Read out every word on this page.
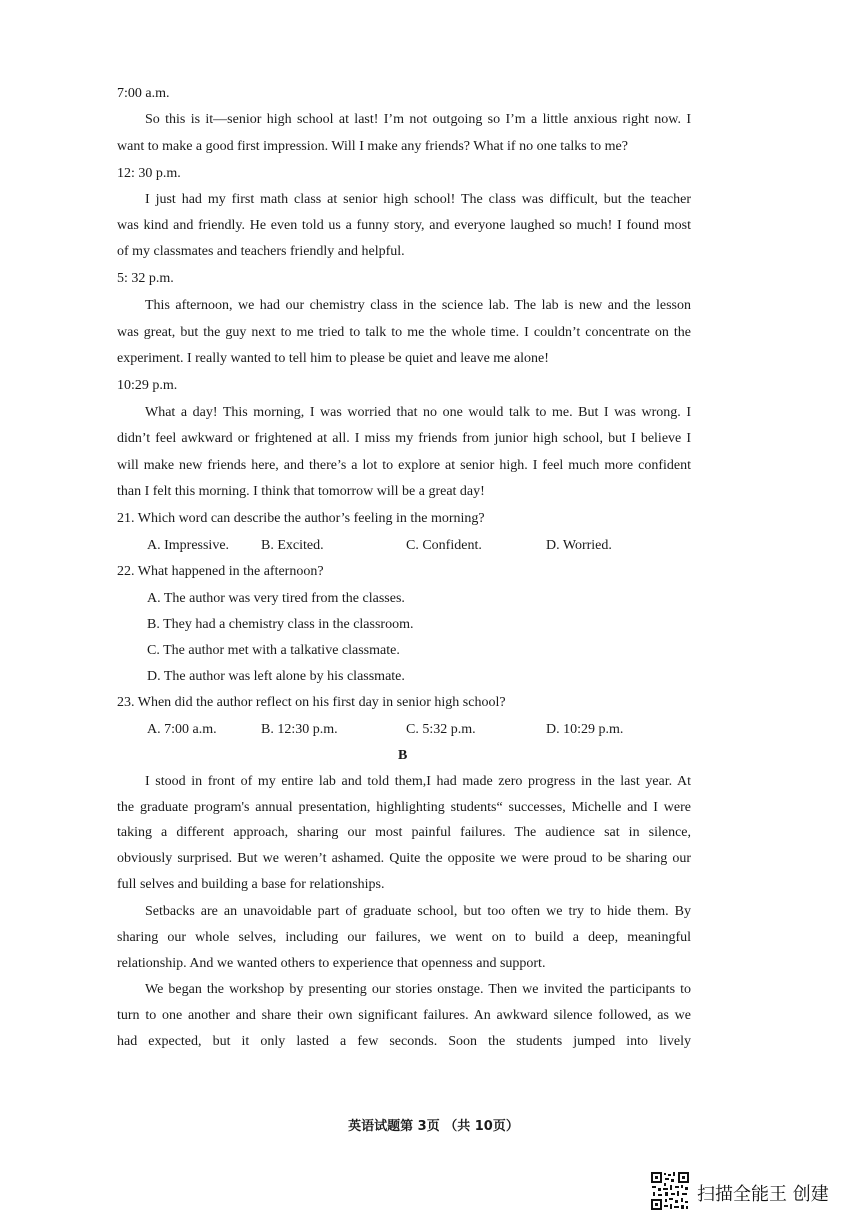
7:00 a.m.
So this is it—senior high school at last! I’m not outgoing so I’m a little anxious right now. I
want to make a good first impression. Will I make any friends? What if no one talks to me?
12: 30 p.m.
I just had my first math class at senior high school! The class was difficult, but the teacher
was kind and friendly. He even told us a funny story, and everyone laughed so much! I found most
of my classmates and teachers friendly and helpful.
5: 32 p.m.
This afternoon, we had our chemistry class in the science lab. The lab is new and the lesson
was great, but the guy next to me tried to talk to me the whole time. I couldn’t concentrate on the
experiment. I really wanted to tell him to please be quiet and leave me alone!
10:29 p.m.
What a day! This morning, I was worried that no one would talk to me. But I was wrong. I
didn’t feel awkward or frightened at all. I miss my friends from junior high school, but I believe I
will make new friends here, and there’s a lot to explore at senior high. I feel much more confident
than I felt this morning. I think that tomorrow will be a great day!
21. Which word can describe the author’s feeling in the morning?
A. Impressive. B. Excited.	C. Confident.	D. Worried.
22. What happened in the afternoon?
A. The author was very tired from the classes.
B. They had a chemistry class in the classroom.
C. The author met with a talkative classmate.
D. The author was left alone by his classmate.
23. When did the author reflect on his first day in senior high school?
A. 7:00 a.m.	B. 12:30 p.m.	C. 5:32 p.m.	D. 10:29 p.m.
B
I stood in front of my entire lab and told them,I had made zero progress in the last year. At
the graduate program's annual presentation, highlighting students“ successes, Michelle and I were
taking a different approach, sharing our most painful failures. The audience sat in silence,
obviously surprised. But we weren’t ashamed. Quite the opposite we were proud to be sharing our
full selves and building a base for relationships.
Setbacks are an unavoidable part of graduate school, but too often we try to hide them. By
sharing our whole selves, including our failures, we went on to build a deep, meaningful
relationship. And we wanted others to experience that openness and support.
We began the workshop by presenting our stories onstage. Then we invited the participants to
turn to one another and share their own significant failures. An awkward silence followed, as we
had expected, but it only lasted a few seconds. Soon the students jumped into lively
英语试题第 3页 （共 10页）
扫描全能王 创建
